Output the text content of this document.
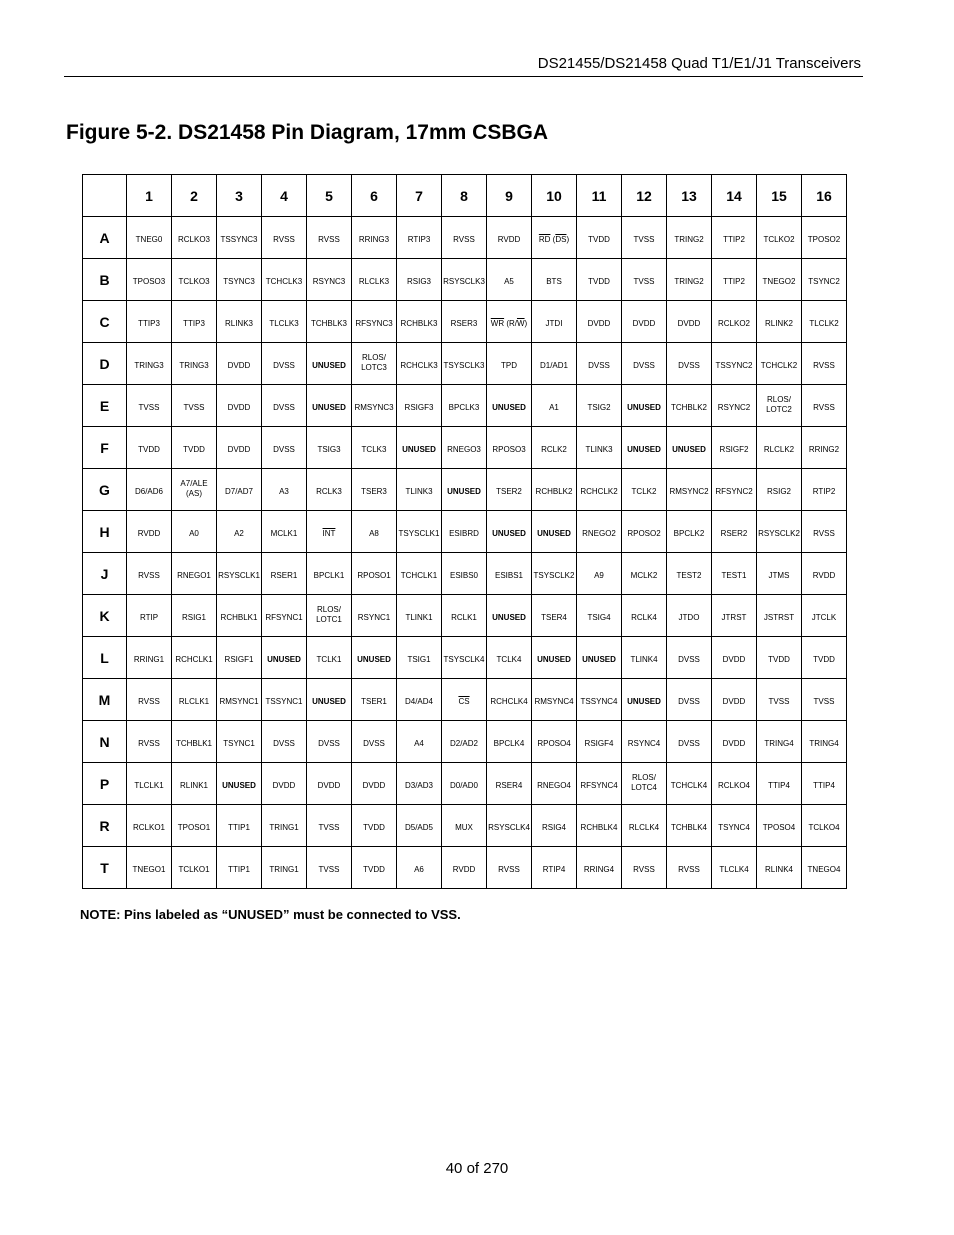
DS21455/DS21458 Quad T1/E1/J1 Transceivers
Figure 5-2. DS21458 Pin Diagram, 17mm CSBGA
	1	2	3	4	5	6	7	8	9	10	11	12	13	14	15	16
A	TNEG0	RCLKO3	TSSYNC3	RVSS	RVSS	RRING3	RTIP3	RVSS	RVDD	$\overline{RD}$ $(\overline{DS})$	TVDD	TVSS	TRING2	TTIP2	TCLKO2	TPOSO2
B	TPOSO3	TCLKO3	TSYNC3	TCHCLK3	RSYNC3	RLCLK3	RSIG3	RSYSCLK3	A5	BTS	TVDD	TVSS	TRING2	TTIP2	TNEGO2	TSYNC2
C	TTIP3	TTIP3	RLINK3	TLCLK3	TCHBLK3	RFSYNC3	RCHBLK3	RSER3	$\overline{WR}$ $(R/\overline{W})$	JTDI	DVDD	DVDD	DVDD	RCLKO2	RLINK2	TLCLK2
D	TRING3	TRING3	DVDD	DVSS	UNUSED	RLOS/
LOTC3	RCHCLK3	TSYSCLK3	TPD	D1/AD1	DVSS	DVSS	DVSS	TSSYNC2	TCHCLK2	RVSS
E	TVSS	TVSS	DVDD	DVSS	UNUSED	RMSYNC3	RSIGF3	BPCLK3	UNUSED	A1	TSIG2	UNUSED	TCHBLK2	RSYNC2	RLOS/
LOTC2	RVSS
F	TVDD	TVDD	DVDD	DVSS	TSIG3	TCLK3	UNUSED	RNEGO3	RPOSO3	RCLK2	TLINK3	UNUSED	UNUSED	RSIGF2	RLCLK2	RRING2
G	D6/AD6	A7/ALE
(AS)	D7/AD7	A3	RCLK3	TSER3	TLINK3	UNUSED	TSER2	RCHBLK2	RCHCLK2	TCLK2	RMSYNC2	RFSYNC2	RSIG2	RTIP2
H	RVDD	A0	A2	MCLK1	$\overline{INT}$	A8	TSYSCLK1	ESIBRD	UNUSED	UNUSED	RNEGO2	RPOSO2	BPCLK2	RSER2	RSYSCLK2	RVSS
J	RVSS	RNEGO1	RSYSCLK1	RSER1	BPCLK1	RPOSO1	TCHCLK1	ESIBS0	ESIBS1	TSYSCLK2	A9	MCLK2	TEST2	TEST1	JTMS	RVDD
K	RTIP	RSIG1	RCHBLK1	RFSYNC1	RLOS/
LOTC1	RSYNC1	TLINK1	RCLK1	UNUSED	TSER4	TSIG4	RCLK4	JTDO	JTRST	JSTRST	JTCLK
L	RRING1	RCHCLK1	RSIGF1	UNUSED	TCLK1	UNUSED	TSIG1	TSYSCLK4	TCLK4	UNUSED	UNUSED	TLINK4	DVSS	DVDD	TVDD	TVDD
M	RVSS	RLCLK1	RMSYNC1	TSSYNC1	UNUSED	TSER1	D4/AD4	$\overline{CS}$	RCHCLK4	RMSYNC4	TSSYNC4	UNUSED	DVSS	DVDD	TVSS	TVSS
N	RVSS	TCHBLK1	TSYNC1	DVSS	DVSS	DVSS	A4	D2/AD2	BPCLK4	RPOSO4	RSIGF4	RSYNC4	DVSS	DVDD	TRING4	TRING4
P	TLCLK1	RLINK1	UNUSED	DVDD	DVDD	DVDD	D3/AD3	D0/AD0	RSER4	RNEGO4	RFSYNC4	RLOS/
LOTC4	TCHCLK4	RCLKO4	TTIP4	TTIP4
R	RCLKO1	TPOSO1	TTIP1	TRING1	TVSS	TVDD	D5/AD5	MUX	RSYSCLK4	RSIG4	RCHBLK4	RLCLK4	TCHBLK4	TSYNC4	TPOSO4	TCLKO4
T	TNEGO1	TCLKO1	TTIP1	TRING1	TVSS	TVDD	A6	RVDD	RVSS	RTIP4	RRING4	RVSS	RVSS	TLCLK4	RLINK4	TNEGO4
NOTE: Pins labeled as “UNUSED” must be connected to VSS.
40 of 270
